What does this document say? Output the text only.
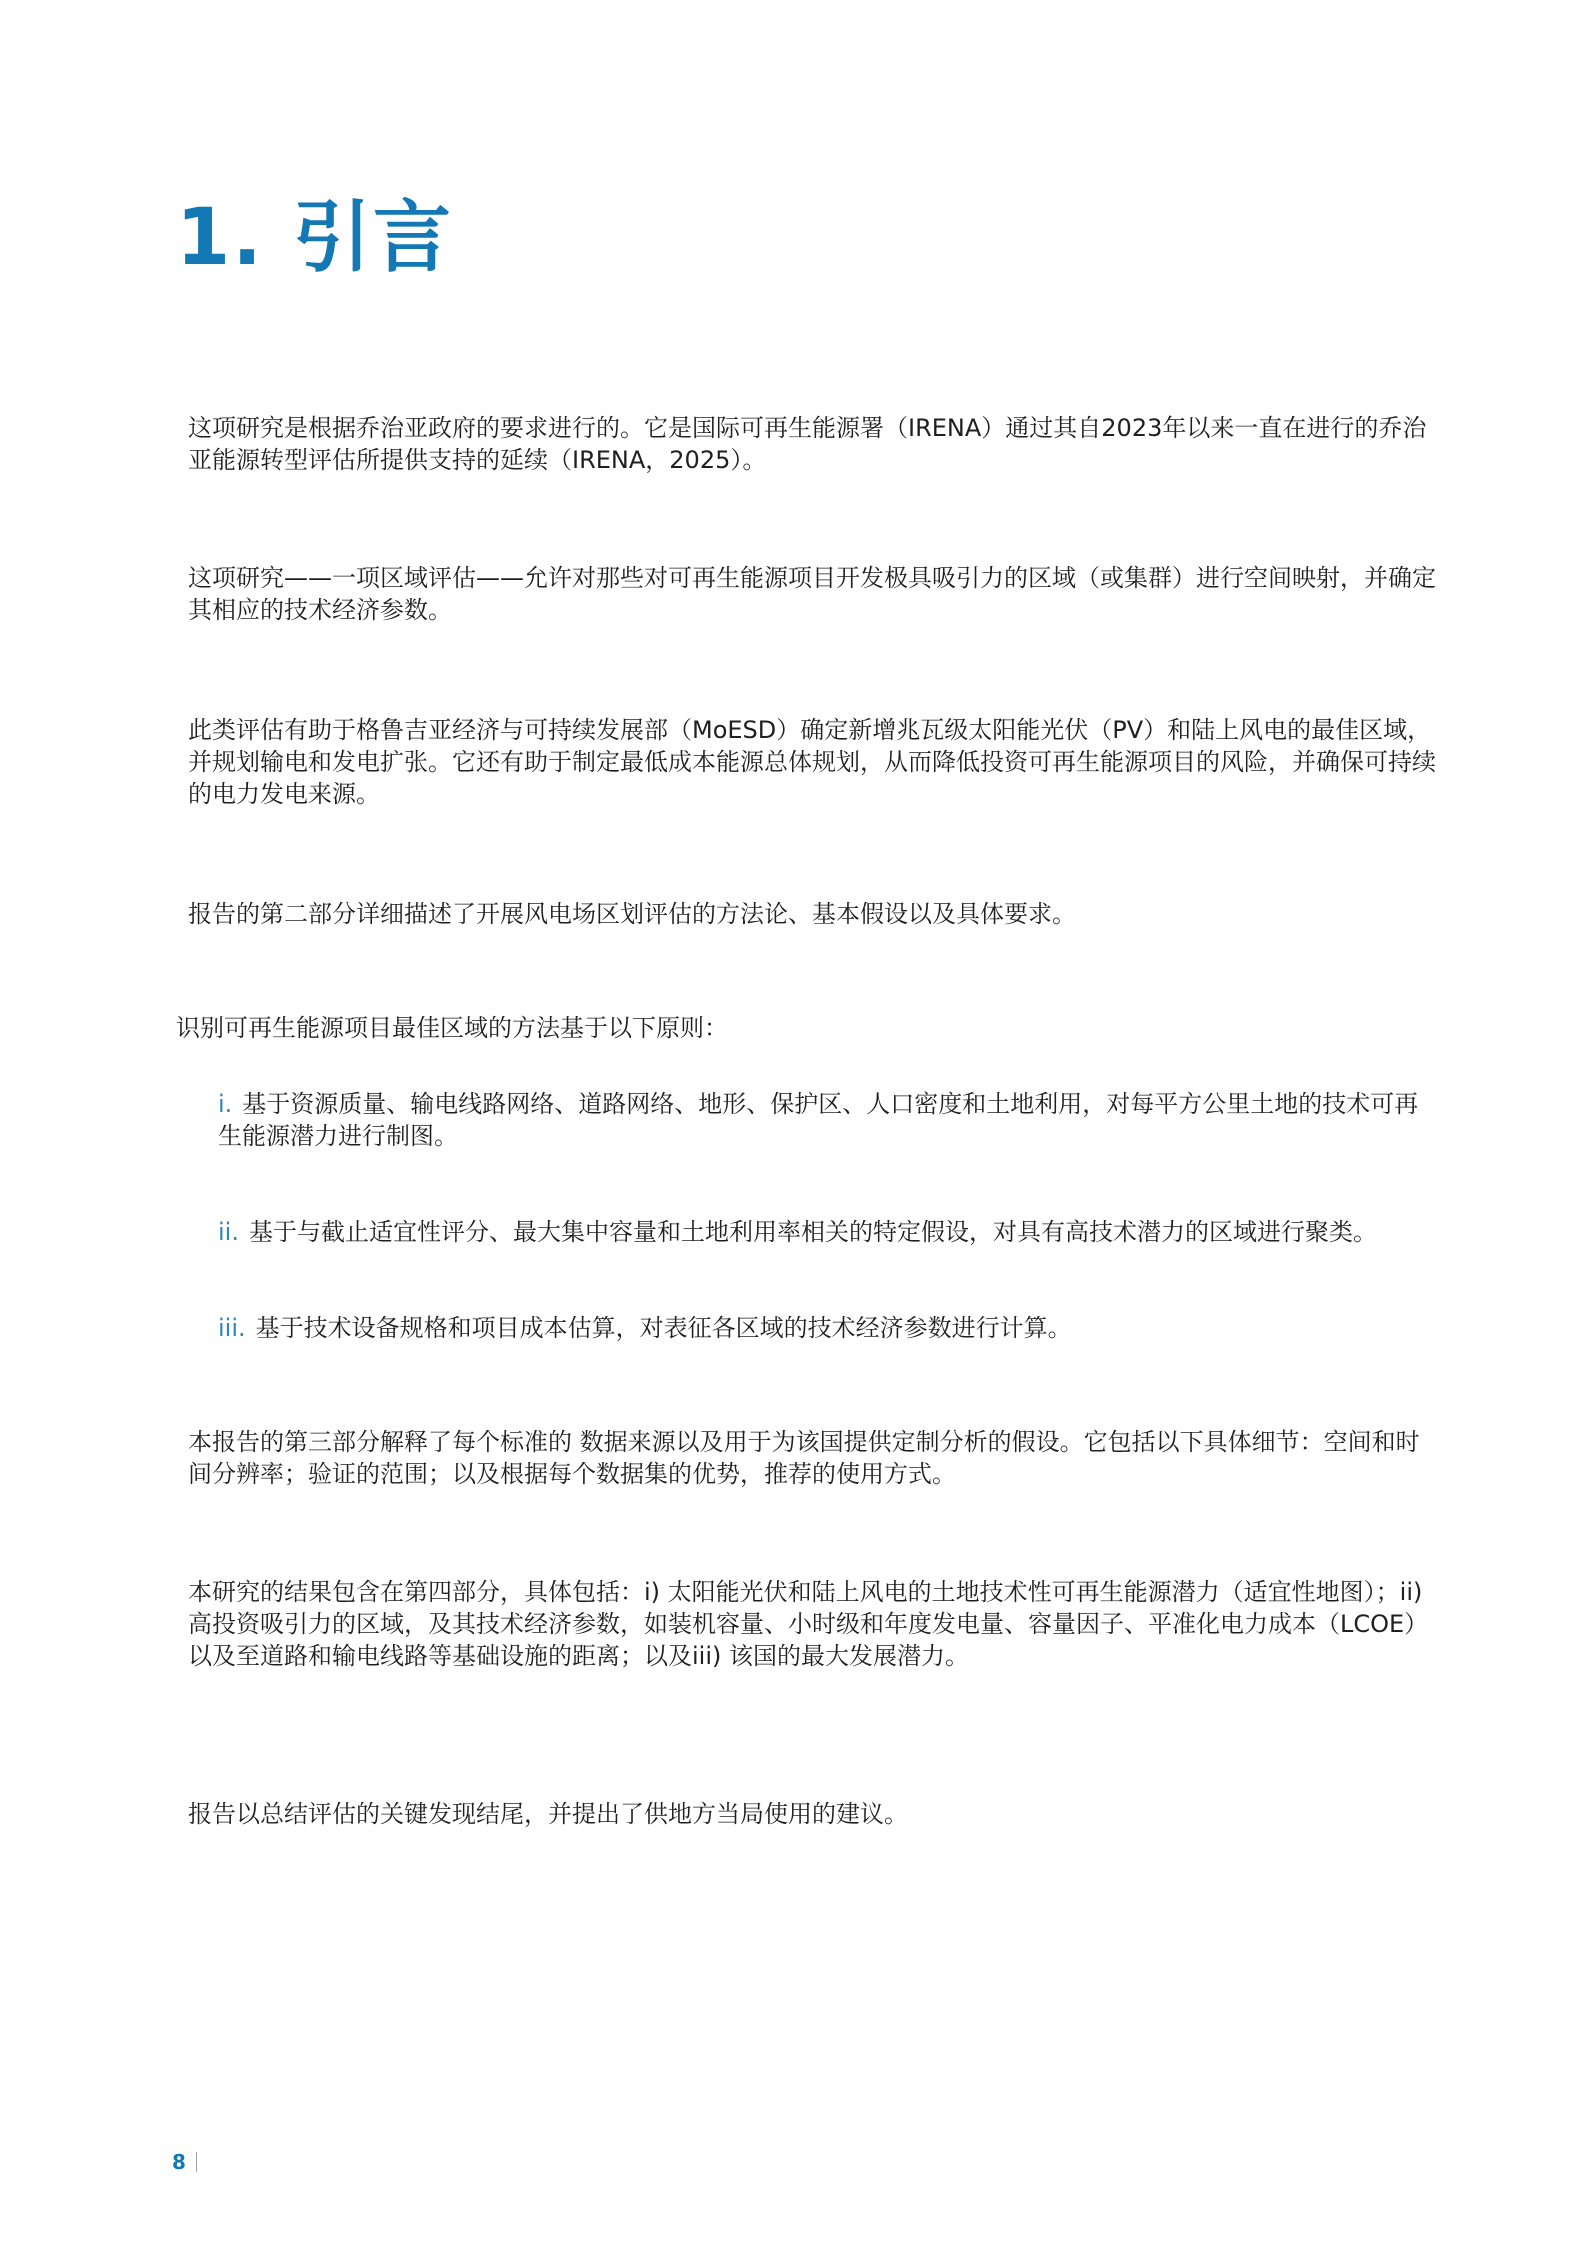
1. 引言

这项研究是根据乔治亚政府的要求进行的。它是国际可再生能源署（IRENA）通过其自2023年以来一直在进行的乔治亚能源转型评估所提供支持的延续（IRENA，2025）。

这项研究——一项区域评估——允许对那些对可再生能源项目开发极具吸引力的区域（或集群）进行空间映射，并确定其相应的技术经济参数。

此类评估有助于格鲁吉亚经济与可持续发展部（MoESD）确定新增兆瓦级太阳能光伏（PV）和陆上风电的最佳区域，并规划输电和发电扩张。它还有助于制定最低成本能源总体规划，从而降低投资可再生能源项目的风险，并确保可持续的电力发电来源。

报告的第二部分详细描述了开展风电场区划评估的方法论、基本假设以及具体要求。

识别可再生能源项目最佳区域的方法基于以下原则：

i. 基于资源质量、输电线路网络、道路网络、地形、保护区、人口密度和土地利用，对每平方公里土地的技术可再生能源潜力进行制图。

ii. 基于与截止适宜性评分、最大集中容量和土地利用率相关的特定假设，对具有高技术潜力的区域进行聚类。

iii. 基于技术设备规格和项目成本估算，对表征各区域的技术经济参数进行计算。

本报告的第三部分解释了每个标准的 数据来源以及用于为该国提供定制分析的假设。它包括以下具体细节：空间和时间分辨率；验证的范围；以及根据每个数据集的优势，推荐的使用方式。

本研究的结果包含在第四部分，具体包括：i) 太阳能光伏和陆上风电的土地技术性可再生能源潜力（适宜性地图）；ii) 高投资吸引力的区域，及其技术经济参数，如装机容量、小时级和年度发电量、容量因子、平准化电力成本（LCOE）以及至道路和输电线路等基础设施的距离；以及iii) 该国的最大发展潜力。

报告以总结评估的关键发现结尾，并提出了供地方当局使用的建议。

8
